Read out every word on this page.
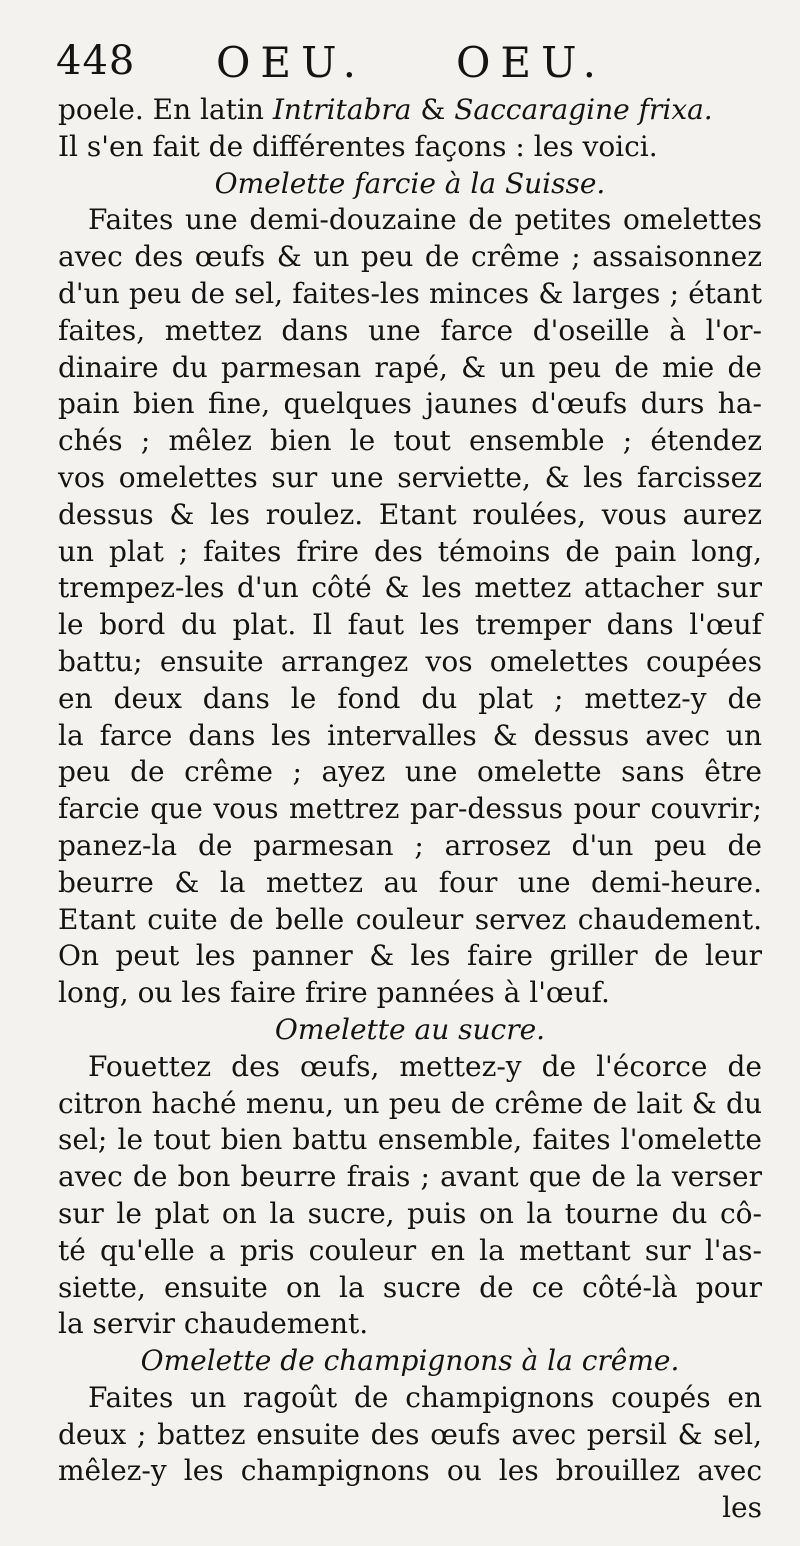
448 OEU. OEU.
poele. En latin Intritabra & Saccaragine frixa.
Il s'en fait de différentes façons : les voici.
Omelette farcie à la Suisse.
Faites une demi-douzaine de petites omelettes
avec des œufs & un peu de crême ; assaisonnez
d'un peu de sel, faites-les minces & larges ; étant
faites, mettez dans une farce d'oseille à l'or-
dinaire du parmesan rapé, & un peu de mie de
pain bien fine, quelques jaunes d'œufs durs ha-
chés ; mêlez bien le tout ensemble ; étendez
vos omelettes sur une serviette, & les farcissez
dessus & les roulez. Etant roulées, vous aurez
un plat ; faites frire des témoins de pain long,
trempez-les d'un côté & les mettez attacher sur
le bord du plat. Il faut les tremper dans l'œuf
battu; ensuite arrangez vos omelettes coupées
en deux dans le fond du plat ; mettez-y de
la farce dans les intervalles & dessus avec un
peu de crême ; ayez une omelette sans être
farcie que vous mettrez par-dessus pour couvrir;
panez-la de parmesan ; arrosez d'un peu de
beurre & la mettez au four une demi-heure.
Etant cuite de belle couleur servez chaudement.
On peut les panner & les faire griller de leur
long, ou les faire frire pannées à l'œuf.
Omelette au sucre.
Fouettez des œufs, mettez-y de l'écorce de
citron haché menu, un peu de crême de lait & du
sel; le tout bien battu ensemble, faites l'omelette
avec de bon beurre frais ; avant que de la verser
sur le plat on la sucre, puis on la tourne du cô-
té qu'elle a pris couleur en la mettant sur l'as-
siette, ensuite on la sucre de ce côté-là pour
la servir chaudement.
Omelette de champignons à la crême.
Faites un ragoût de champignons coupés en
deux ; battez ensuite des œufs avec persil & sel,
mêlez-y les champignons ou les brouillez avec
les
